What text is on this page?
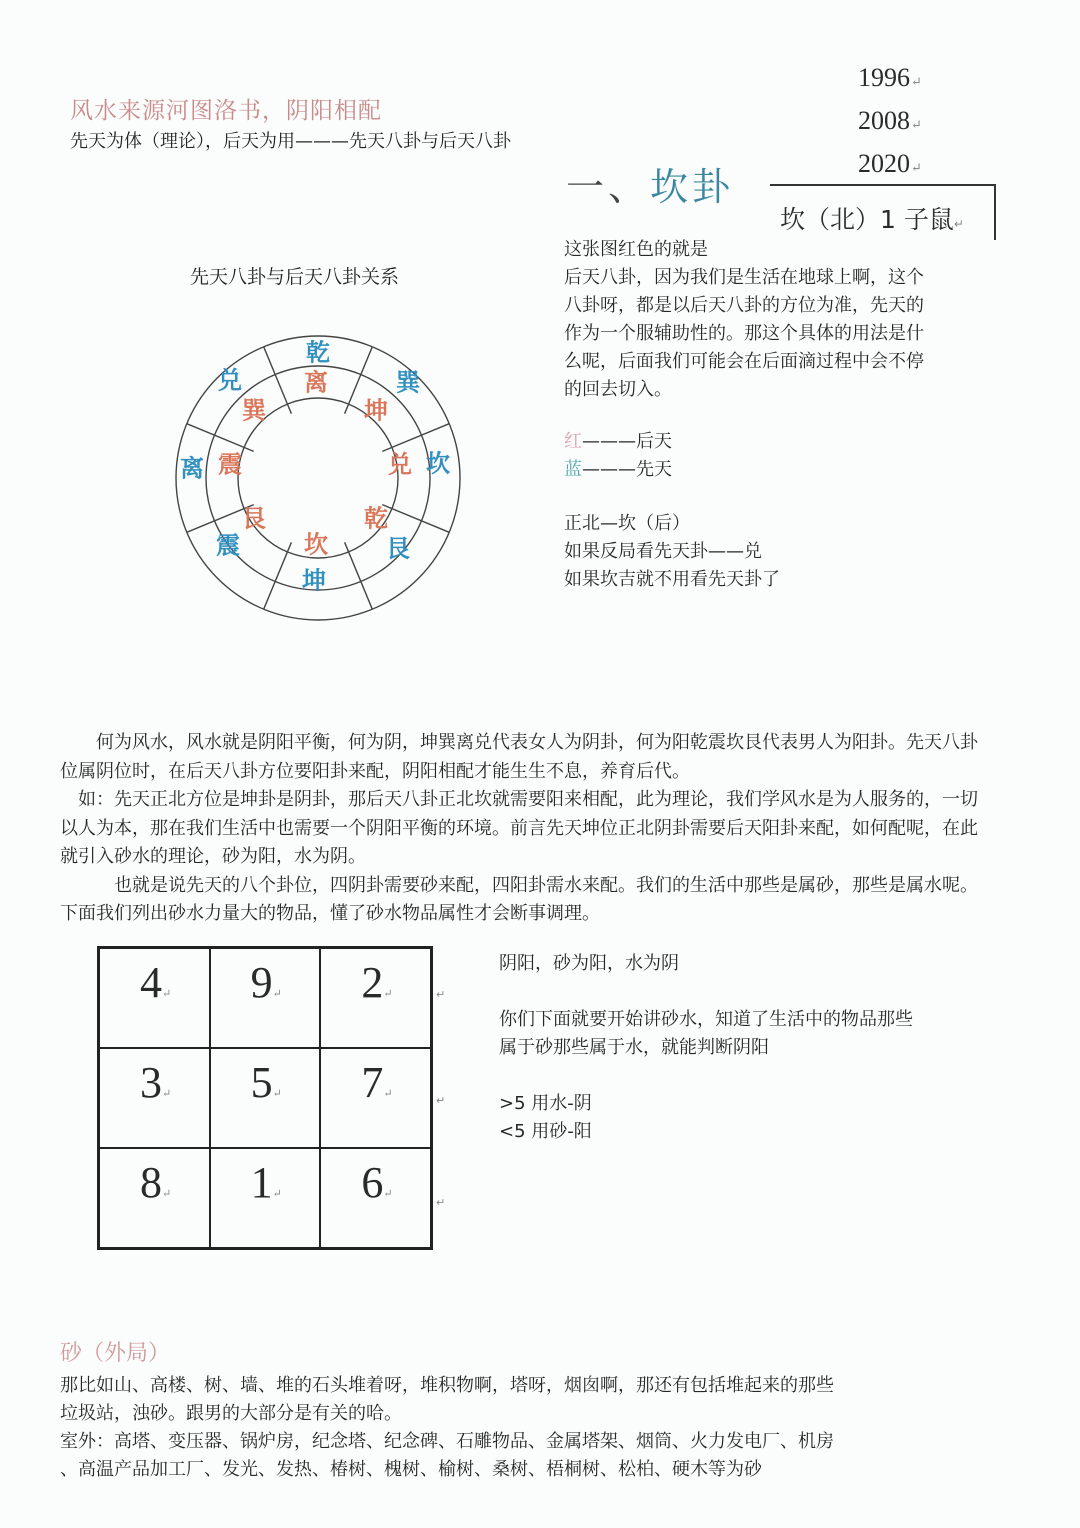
风水来源河图洛书，阴阳相配
先天为体（理论），后天为用———先天八卦与后天八卦
1996↵
2008↵
2020↵
一、坎卦
坎（北）1 子鼠↵
先天八卦与后天八卦关系
乾
巽
坎
艮
坤
震
离
兑	离
坤
兑
乾
坎
艮
震
巽
这张图红色的就是
后天八卦，因为我们是生活在地球上啊，这个
八卦呀，都是以后天八卦的方位为准，先天的
作为一个服辅助性的。那这个具体的用法是什
么呢，后面我们可能会在后面滴过程中会不停
的回去切入。
红———后天
蓝———先天
正北—坎（后）
如果反局看先天卦——兑
如果坎吉就不用看先天卦了

　　何为风水，风水就是阴阳平衡，何为阴，坤巽离兑代表女人为阴卦，何为阳乾震坎艮代表男人为阳卦。先天八卦位属阴位时，在后天八卦方位要阳卦来配，阴阳相配才能生生不息，养育后代。

　如：先天正北方位是坤卦是阴卦，那后天八卦正北坎就需要阳来相配，此为理论，我们学风水是为人服务的，一切以人为本，那在我们生活中也需要一个阴阳平衡的环境。前言先天坤位正北阴卦需要后天阳卦来配，如何配呢，在此就引入砂水的理论，砂为阳，水为阴。

　　　也就是说先天的八个卦位，四阴卦需要砂来配，四阳卦需水来配。我们的生活中那些是属砂，那些是属水呢。下面我们列出砂水力量大的物品，懂了砂水物品属性才会断事调理。

4↵ 9↵ 2↵
3↵ 5↵ 7↵
8↵ 1↵ 6↵
↵
↵
↵
阴阳，砂为阳，水为阴
你们下面就要开始讲砂水，知道了生活中的物品那些
属于砂那些属于水，就能判断阴阳
>5 用水-阴
<5 用砂-阳
砂（外局）

那比如山、高楼、树、墙、堆的石头堆着呀，堆积物啊，塔呀，烟囱啊，那还有包括堆起来的那些

垃圾站，浊砂。跟男的大部分是有关的哈。

室外：高塔、变压器、锅炉房，纪念塔、纪念碑、石雕物品、金属塔架、烟筒、火力发电厂、机房

、高温产品加工厂、发光、发热、椿树、槐树、榆树、桑树、梧桐树、松柏、硬木等为砂
